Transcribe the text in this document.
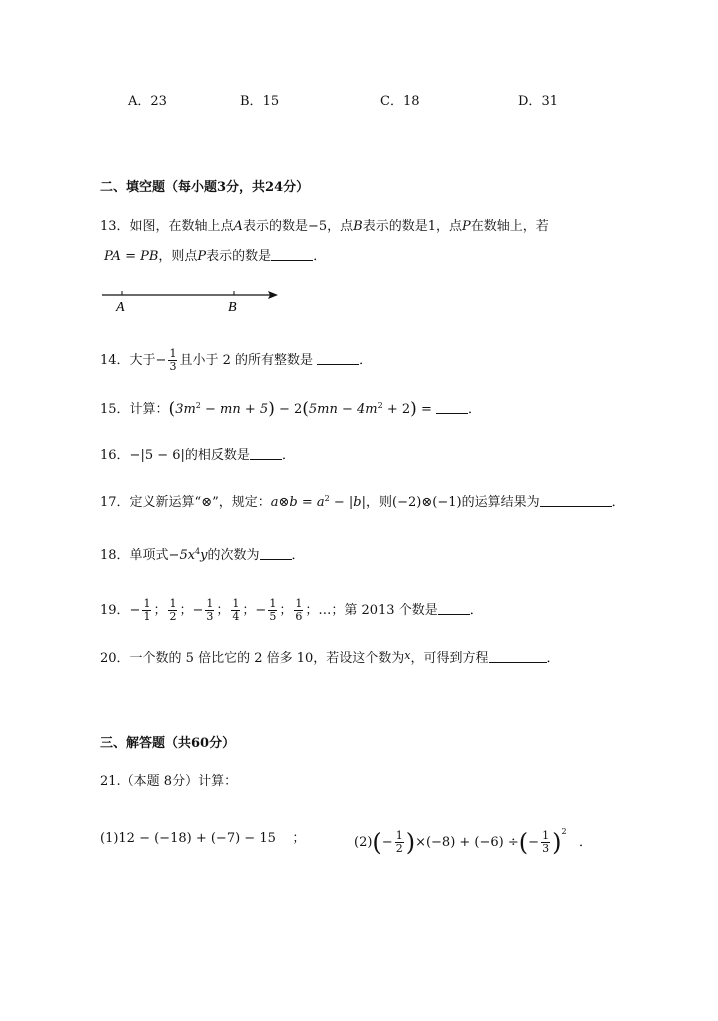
A．23	B．15	C．18	D．31
二、填空题（每小题3分，共24分）
13．如图，在数轴上点A表示的数是−5，点B表示的数是1，点P在数轴上，若
PA = PB，则点P表示的数是	．
A	B
14．大于− $\frac{1}{3}$ 且小于 2 的所有整数是	．
15．计算：($3m^2$ − mn + $5) - 2(5mn - 4m^2 + 2)$ =	．
16．−|5 − 6|的相反数是 ．
17．定义新运算“⊗”，规定：a⊗b = $a^2 - |b|$，则(−2)⊗(−1)的运算结果为	．
18．单项式$-5x^4y$的次数为 ．
19．− $\frac{1}{1}$ ； $\frac{1}{2}$ ；− $\frac{1}{3}$ ； $\frac{1}{4}$ ；− $\frac{1}{5}$ ； $\frac{1}{6}$ ；…；第 2013 个数是 ．
20．一个数的 5 倍比它的 2 倍多 10，若设这个数为$^x$，可得到方程	．
三、解答题（共60分）
21.（本题 8分）计算：
(1)12 − (−18) + (−7) − 15 ；	$(2)(- \frac{1}{2} )\times(-8) + (-6)$ ÷(− $\frac{1}{3} )^2$   ．
